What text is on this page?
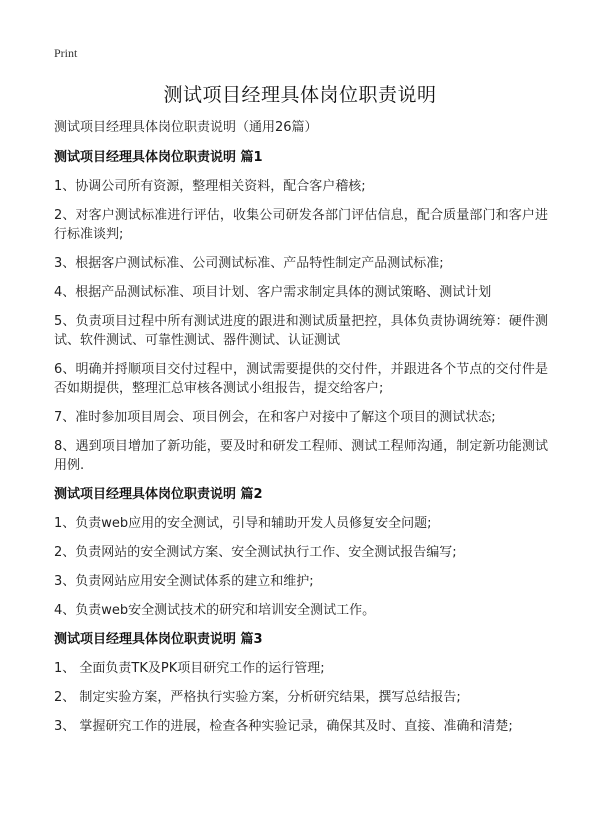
Print
测试项目经理具体岗位职责说明

测试项目经理具体岗位职责说明（通用26篇）

测试项目经理具体岗位职责说明 篇1

1、协调公司所有资源，整理相关资料，配合客户稽核;

2、对客户测试标准进行评估，收集公司研发各部门评估信息，配合质量部门和客户进行标准谈判;

3、根据客户测试标准、公司测试标准、产品特性制定产品测试标准;

4、根据产品测试标准、项目计划、客户需求制定具体的测试策略、测试计划

5、负责项目过程中所有测试进度的跟进和测试质量把控，具体负责协调统筹：硬件测试、软件测试、可靠性测试、器件测试、认证测试

6、明确并捋顺项目交付过程中，测试需要提供的交付件，并跟进各个节点的交付件是否如期提供，整理汇总审核各测试小组报告，提交给客户;

7、准时参加项目周会、项目例会，在和客户对接中了解这个项目的测试状态;

8、遇到项目增加了新功能，要及时和研发工程师、测试工程师沟通，制定新功能测试用例.

测试项目经理具体岗位职责说明 篇2

1、负责web应用的安全测试，引导和辅助开发人员修复安全问题;

2、负责网站的安全测试方案、安全测试执行工作、安全测试报告编写;

3、负责网站应用安全测试体系的建立和维护;

4、负责web安全测试技术的研究和培训安全测试工作。

测试项目经理具体岗位职责说明 篇3

1、 全面负责TK及PK项目研究工作的运行管理;

2、 制定实验方案，严格执行实验方案，分析研究结果，撰写总结报告;

3、 掌握研究工作的进展，检查各种实验记录，确保其及时、直接、准确和清楚;
